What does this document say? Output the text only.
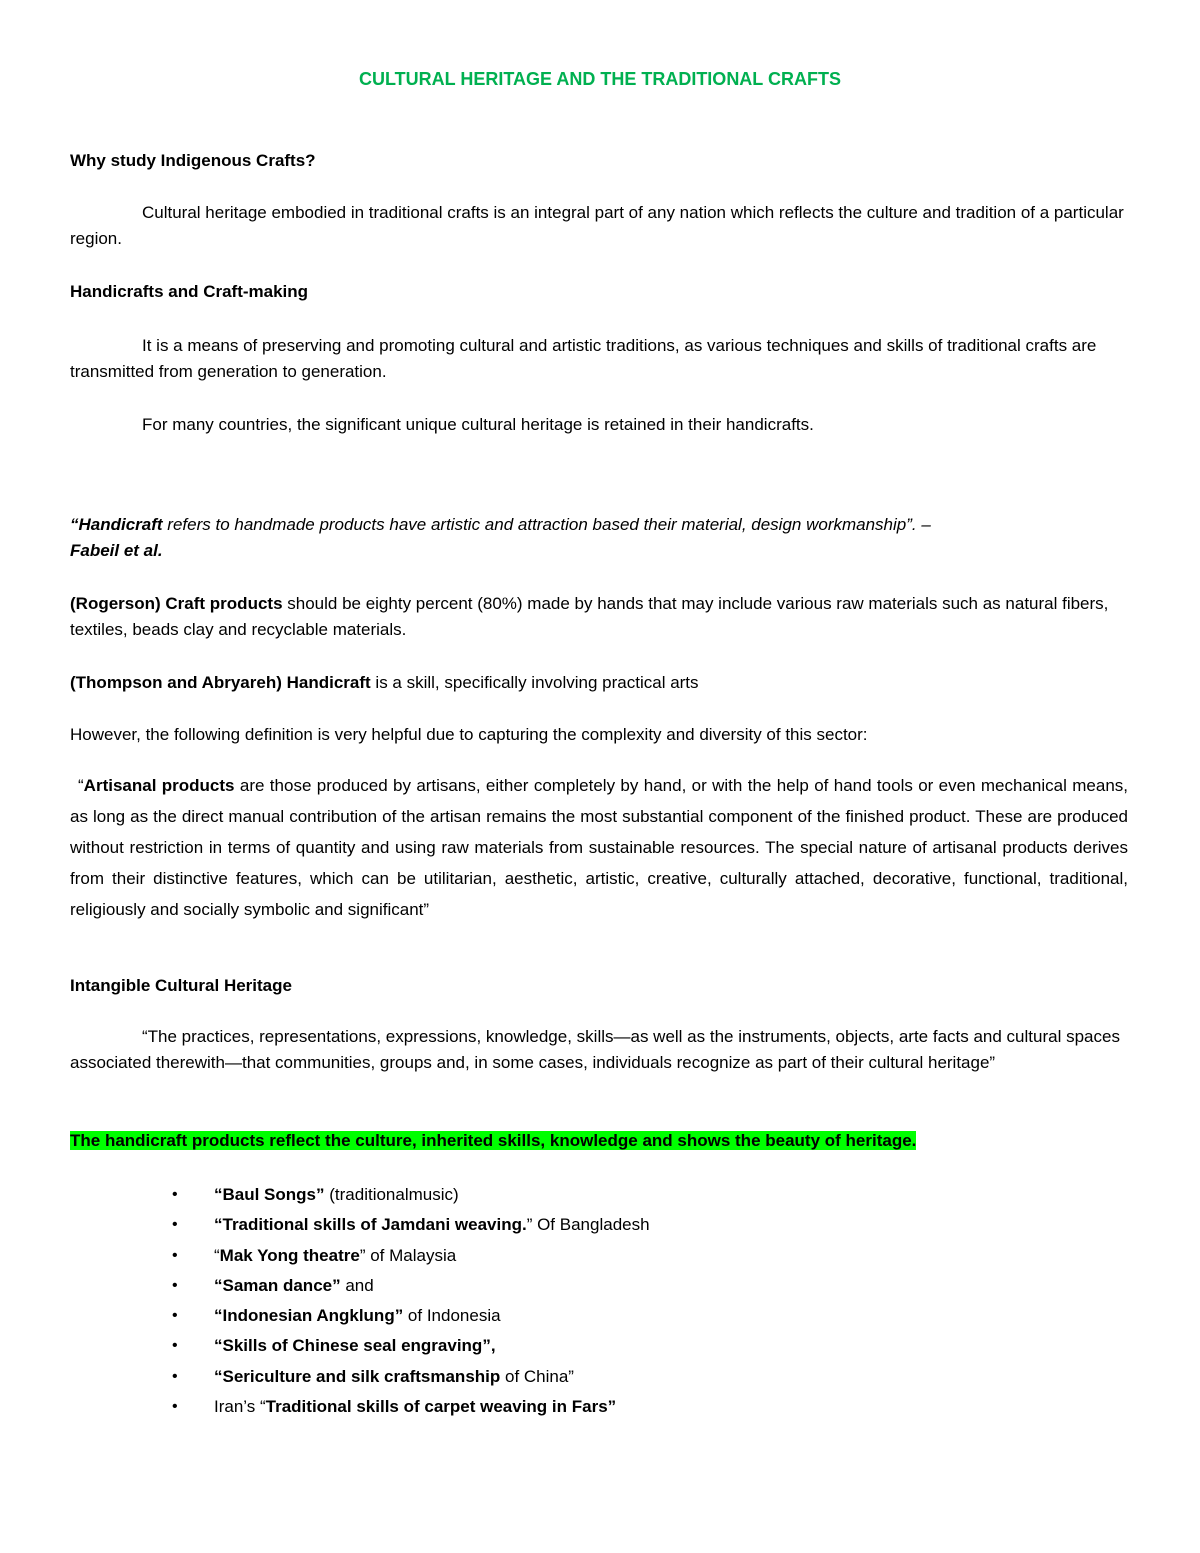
CULTURAL HERITAGE AND THE TRADITIONAL CRAFTS

Why study Indigenous Crafts?

Cultural heritage embodied in traditional crafts is an integral part of any nation which reflects the culture and tradition of a particular region.

Handicrafts and Craft-making

It is a means of preserving and promoting cultural and artistic traditions, as various techniques and skills of traditional crafts are transmitted from generation to generation.

For many countries, the significant unique cultural heritage is retained in their handicrafts.

“Handicraft refers to handmade products have artistic and attraction based their material, design workmanship”. –
Fabeil et al.

(Rogerson) Craft products should be eighty percent (80%) made by hands that may include various raw materials such as natural fibers, textiles, beads clay and recyclable materials.

(Thompson and Abryareh) Handicraft is a skill, specifically involving practical arts

However, the following definition is very helpful due to capturing the complexity and diversity of this sector:

“Artisanal products are those produced by artisans, either completely by hand, or with the help of hand tools or even mechanical means, as long as the direct manual contribution of the artisan remains the most substantial component of the finished product. These are produced without restriction in terms of quantity and using raw materials from sustainable resources. The special nature of artisanal products derives from their distinctive features, which can be utilitarian, aesthetic, artistic, creative, culturally attached, decorative, functional, traditional, religiously and socially symbolic and significant”

Intangible Cultural Heritage

“The practices, representations, expressions, knowledge, skills—as well as the instruments, objects, arte facts and cultural spaces associated therewith—that communities, groups and, in some cases, individuals recognize as part of their cultural heritage”

The handicraft products reflect the culture, inherited skills, knowledge and shows the beauty of heritage.

• “Baul Songs” (traditionalmusic)
• “Traditional skills of Jamdani weaving.” Of Bangladesh
• “Mak Yong theatre” of Malaysia
• “Saman dance” and
• “Indonesian Angklung” of Indonesia
• “Skills of Chinese seal engraving”,
• “Sericulture and silk craftsmanship of China”
• Iran’s “Traditional skills of carpet weaving in Fars”
